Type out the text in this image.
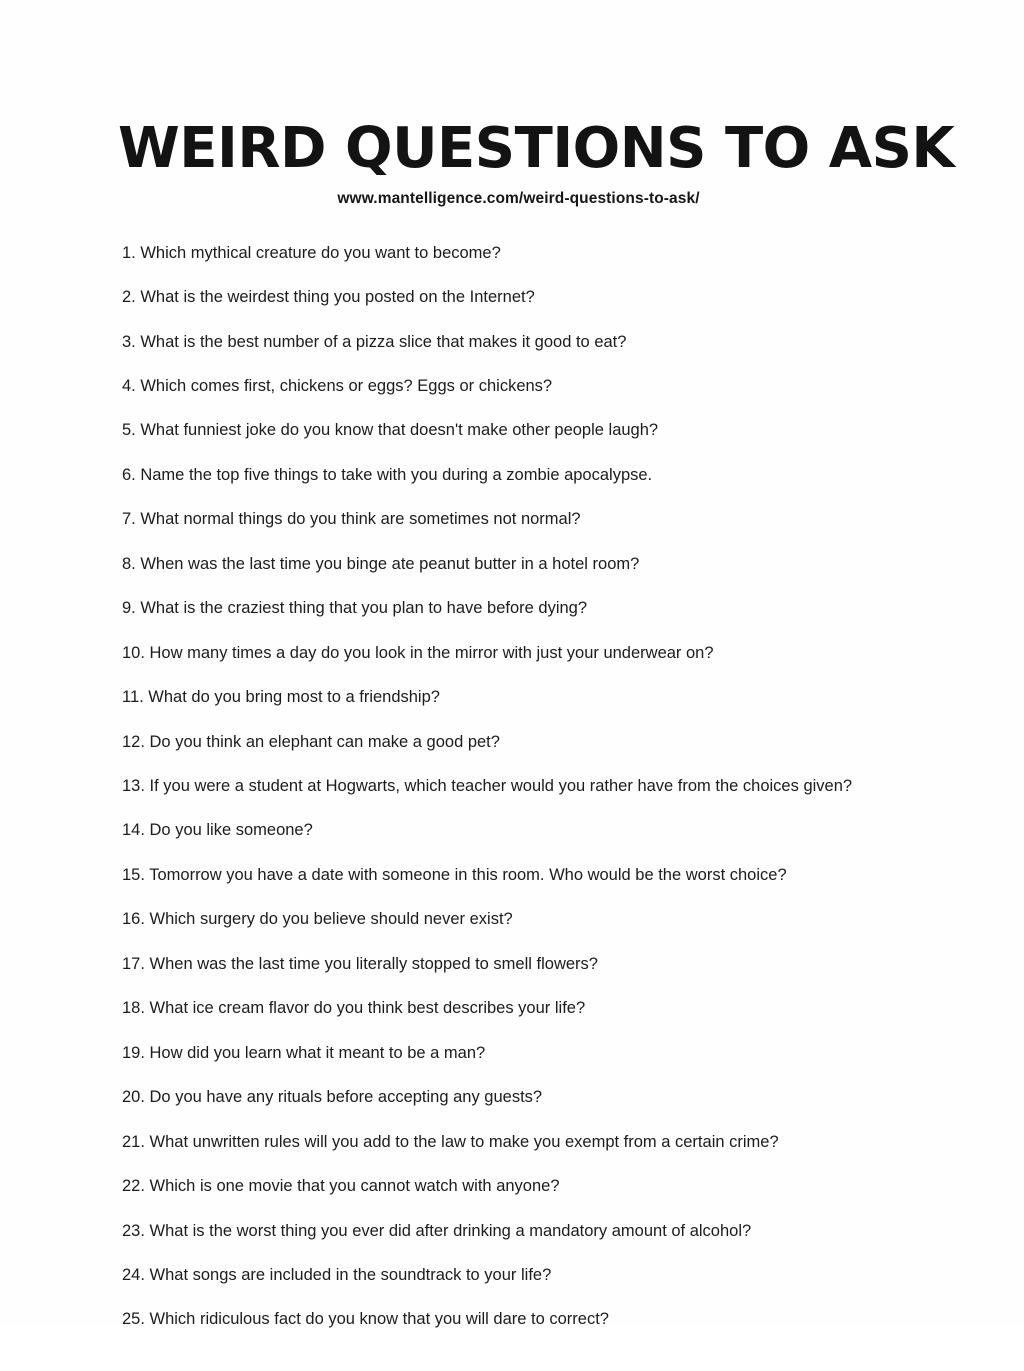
WEIRD QUESTIONS TO ASK
www.mantelligence.com/weird-questions-to-ask/
1. Which mythical creature do you want to become?
2. What is the weirdest thing you posted on the Internet?
3. What is the best number of a pizza slice that makes it good to eat?
4. Which comes first, chickens or eggs? Eggs or chickens?
5. What funniest joke do you know that doesn't make other people laugh?
6. Name the top five things to take with you during a zombie apocalypse.
7. What normal things do you think are sometimes not normal?
8. When was the last time you binge ate peanut butter in a hotel room?
9. What is the craziest thing that you plan to have before dying?
10. How many times a day do you look in the mirror with just your underwear on?
11. What do you bring most to a friendship?
12. Do you think an elephant can make a good pet?
13. If you were a student at Hogwarts, which teacher would you rather have from the choices given?
14. Do you like someone?
15. Tomorrow you have a date with someone in this room. Who would be the worst choice?
16. Which surgery do you believe should never exist?
17. When was the last time you literally stopped to smell flowers?
18. What ice cream flavor do you think best describes your life?
19. How did you learn what it meant to be a man?
20. Do you have any rituals before accepting any guests?
21. What unwritten rules will you add to the law to make you exempt from a certain crime?
22. Which is one movie that you cannot watch with anyone?
23. What is the worst thing you ever did after drinking a mandatory amount of alcohol?
24. What songs are included in the soundtrack to your life?
25. Which ridiculous fact do you know that you will dare to correct?
